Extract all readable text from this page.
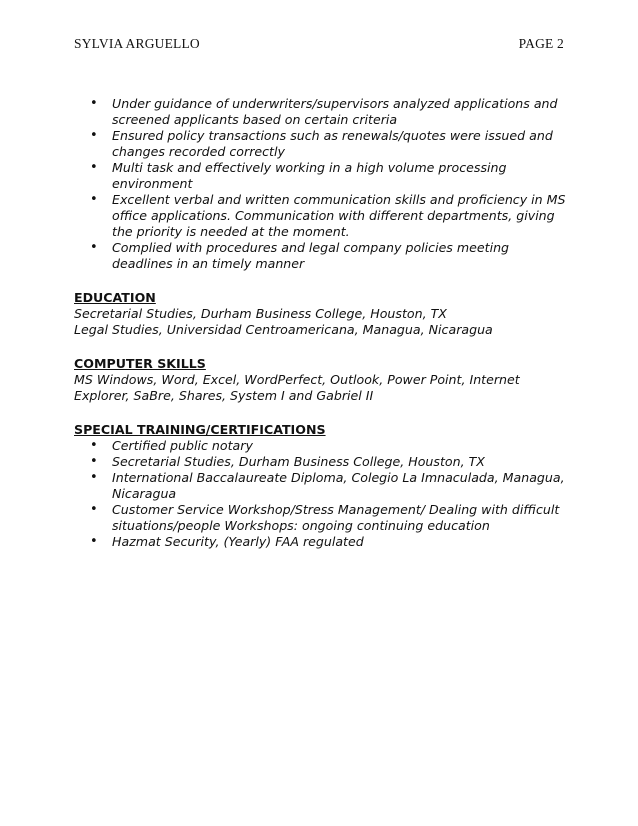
SYLVIA ARGUELLO	PAGE 2
• Under guidance of underwriters/supervisors analyzed applications and screened applicants based on certain criteria
• Ensured policy transactions such as renewals/quotes were issued and changes recorded correctly
• Multi task and effectively working in a high volume processing environment
• Excellent verbal and written communication skills and proficiency in MS office applications. Communication with different departments, giving the priority is needed at the moment.
• Complied with procedures and legal company policies meeting deadlines in an timely manner

EDUCATION

Secretarial Studies, Durham Business College, Houston, TX

Legal Studies, Universidad Centroamericana, Managua, Nicaragua

COMPUTER SKILLS

MS Windows, Word, Excel, WordPerfect, Outlook, Power Point, Internet Explorer, SaBre, Shares, System I and Gabriel II

SPECIAL TRAINING/CERTIFICATIONS

• Certified public notary
• Secretarial Studies, Durham Business College, Houston, TX
• International Baccalaureate Diploma, Colegio La Imnaculada, Managua, Nicaragua
• Customer Service Workshop/Stress Management/ Dealing with difficult situations/people Workshops: ongoing continuing education
• Hazmat Security, (Yearly) FAA regulated
